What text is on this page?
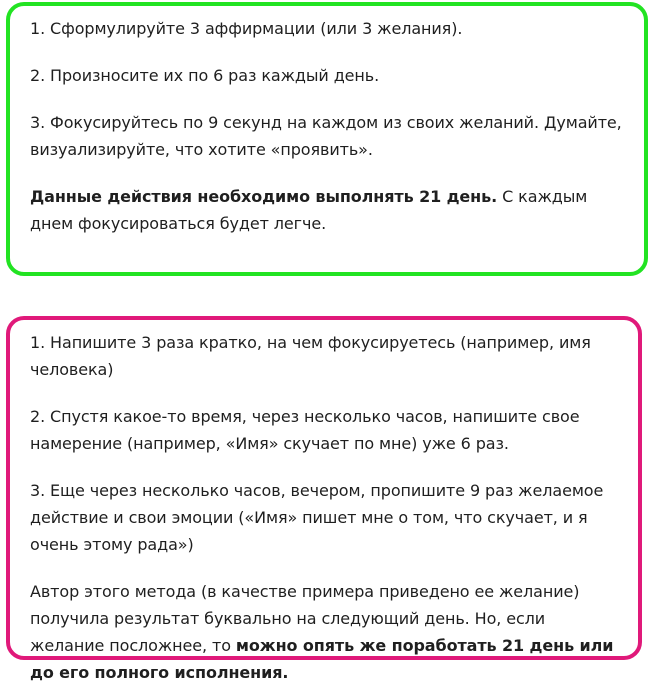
1. Сформулируйте 3 аффирмации (или 3 желания).

2. Произносите их по 6 раз каждый день.

3. Фокусируйтесь по 9 секунд на каждом из своих желаний. Думайте, визуализируйте, что хотите «проявить».

Данные действия необходимо выполнять 21 день. С каждым днем фокусироваться будет легче.

1. Напишите 3 раза кратко, на чем фокусируетесь (например, имя человека)

2. Спустя какое-то время, через несколько часов, напишите свое намерение (например, «Имя» скучает по мне) уже 6 раз.

3. Еще через несколько часов, вечером, пропишите 9 раз желаемое действие и свои эмоции («Имя» пишет мне о том, что скучает, и я очень этому рада»)

Автор этого метода (в качестве примера приведено ее желание) получила результат буквально на следующий день. Но, если желание посложнее, то можно опять же поработать 21 день или до его полного исполнения.
